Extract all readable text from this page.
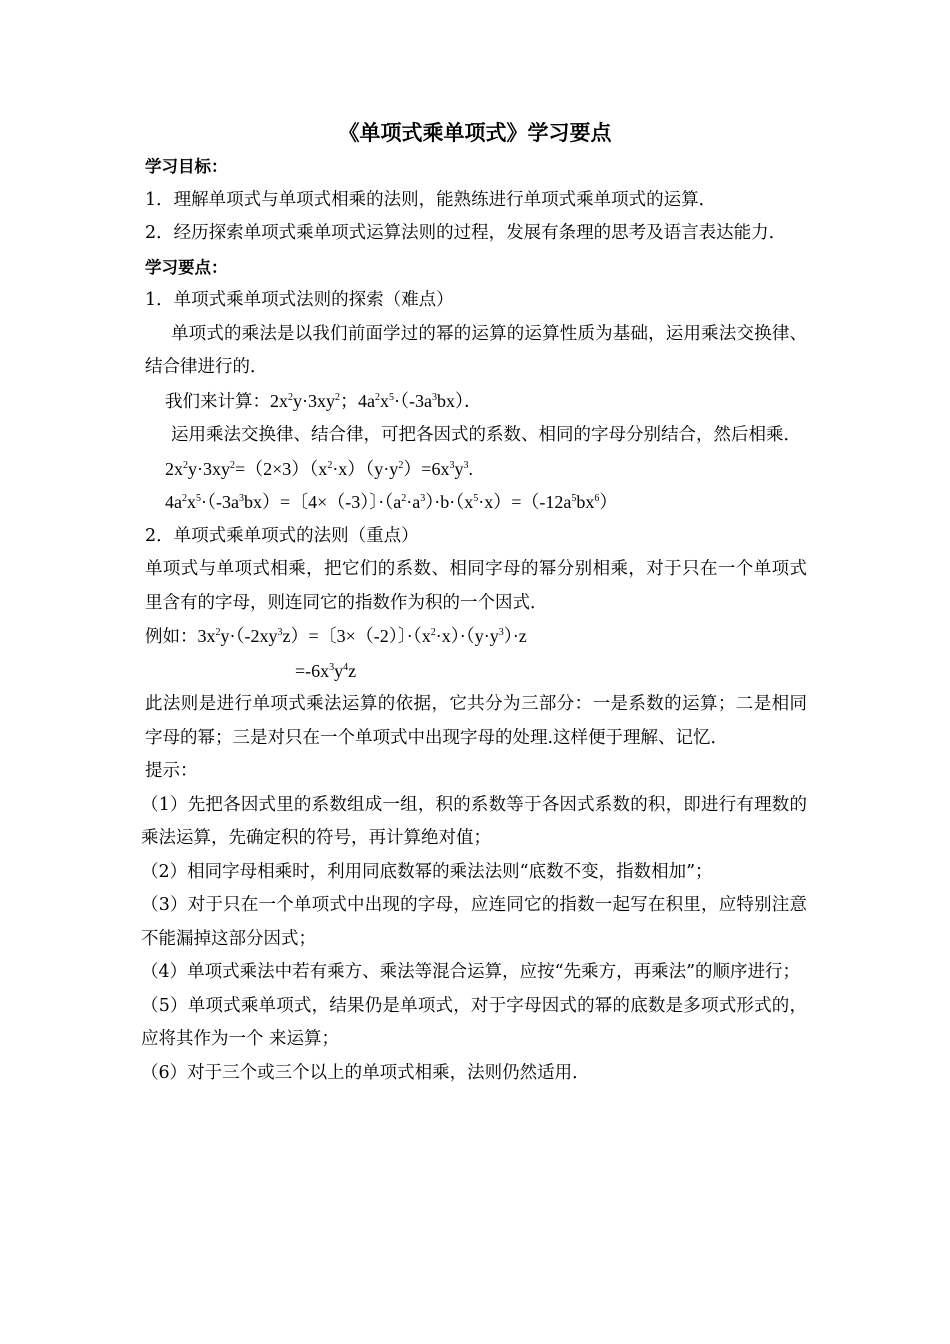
《单项式乘单项式》学习要点

学习目标：

1．理解单项式与单项式相乘的法则，能熟练进行单项式乘单项式的运算．

2．经历探索单项式乘单项式运算法则的过程，发展有条理的思考及语言表达能力．

学习要点：

1．单项式乘单项式法则的探索（难点）

单项式的乘法是以我们前面学过的幂的运算的运算性质为基础，运用乘法交换律、结合律进行的．

我们来计算：$2x^2y\cdot 3xy^2$；$4a^2x^5\cdot(-3a^3bx)$．

运用乘法交换律、结合律，可把各因式的系数、相同的字母分别结合，然后相乘．

$2x^2y\cdot 3xy^2=(2\times 3)(x^2\cdot x)(y\cdot y^2)=6x^3y^3$.

$4a^2x^5\cdot(-3a^3bx)=$〔4×（-3）〕$\cdot(a^2\cdot a^3)\cdot b\cdot(x^5\cdot x)=(-12a^5bx^6)$

2．单项式乘单项式的法则（重点）

单项式与单项式相乘，把它们的系数、相同字母的幂分别相乘，对于只在一个单项式里含有的字母，则连同它的指数作为积的一个因式．

例如：$3x^2y\cdot(-2xy^3z)=$〔3×（-2）〕$\cdot(x^2\cdot x)\cdot(y\cdot y^3)\cdot z$

$=-6x^3y^4z$

此法则是进行单项式乘法运算的依据，它共分为三部分：一是系数的运算；二是相同字母的幂；三是对只在一个单项式中出现字母的处理.这样便于理解、记忆．

提示：

（1）先把各因式里的系数组成一组，积的系数等于各因式系数的积，即进行有理数的乘法运算，先确定积的符号，再计算绝对值；

（2）相同字母相乘时，利用同底数幂的乘法法则“底数不变，指数相加”；

（3）对于只在一个单项式中出现的字母，应连同它的指数一起写在积里，应特别注意不能漏掉这部分因式；

（4）单项式乘法中若有乘方、乘法等混合运算，应按“先乘方，再乘法”的顺序进行；

（5）单项式乘单项式，结果仍是单项式，对于字母因式的幂的底数是多项式形式的，应将其作为一个 来运算；

（6）对于三个或三个以上的单项式相乘，法则仍然适用．
